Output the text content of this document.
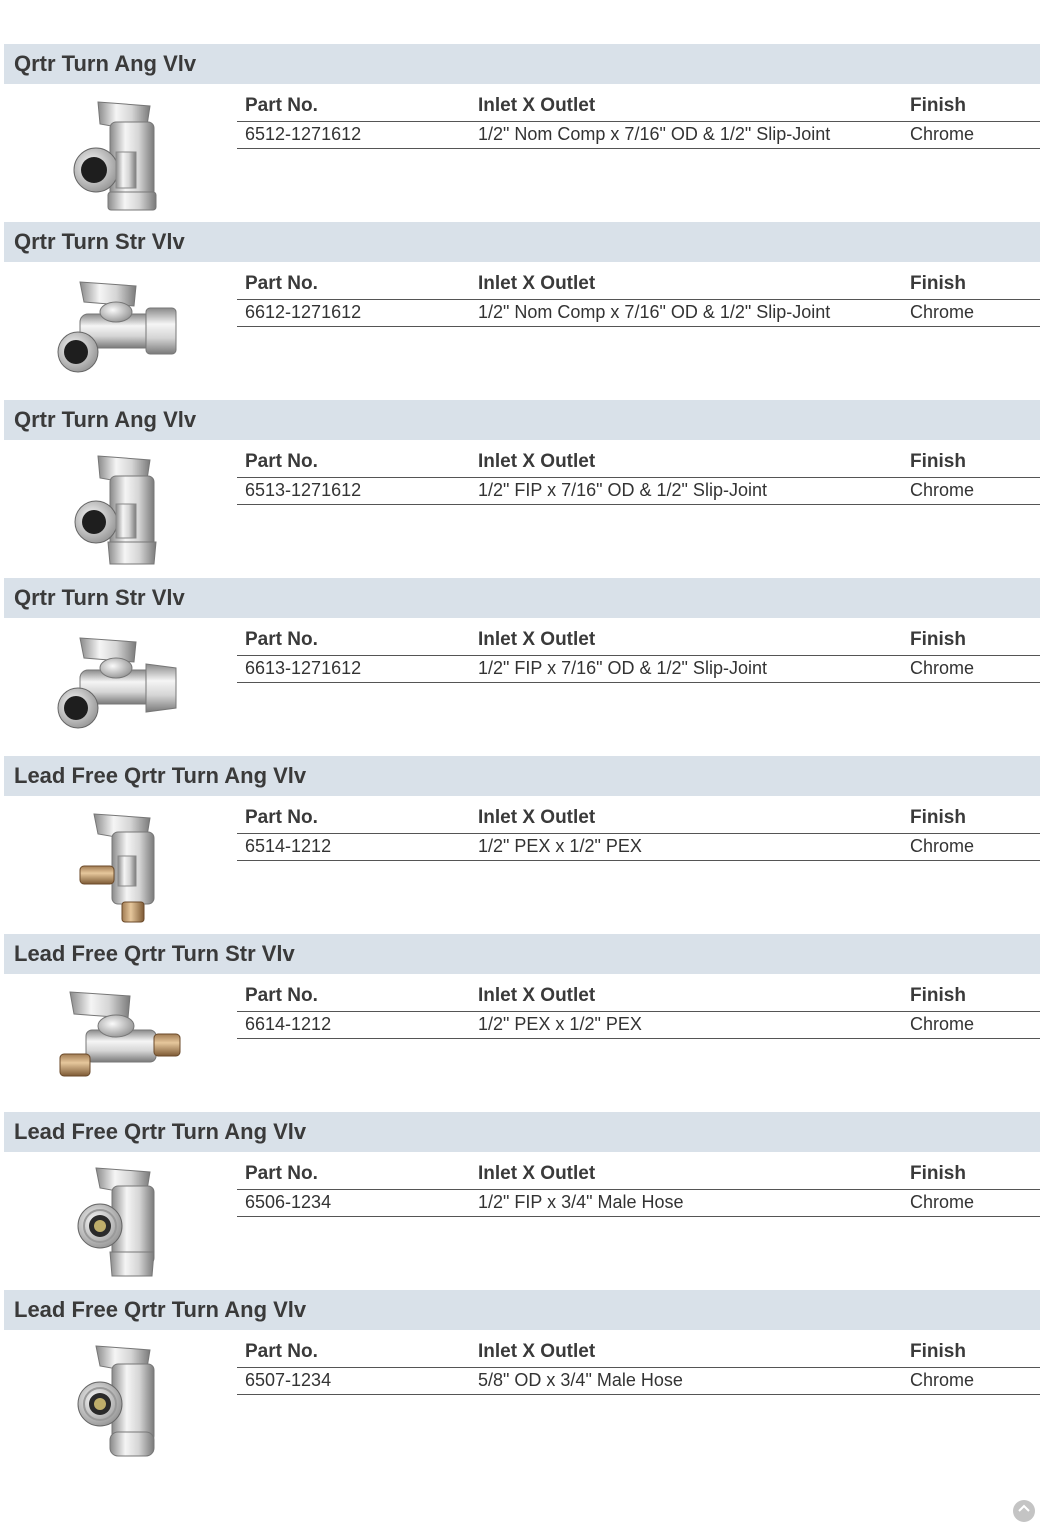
Qrtr Turn Ang Vlv
Part No.	Inlet X Outlet	Finish
6512-1271612	1/2" Nom Comp x 7/16" OD & 1/2" Slip-Joint	Chrome
Qrtr Turn Str Vlv
Part No.	Inlet X Outlet	Finish
6612-1271612	1/2" Nom Comp x 7/16" OD & 1/2" Slip-Joint	Chrome
Qrtr Turn Ang Vlv
Part No.	Inlet X Outlet	Finish
6513-1271612	1/2" FIP x 7/16" OD & 1/2" Slip-Joint	Chrome
Qrtr Turn Str Vlv
Part No.	Inlet X Outlet	Finish
6613-1271612	1/2" FIP x 7/16" OD & 1/2" Slip-Joint	Chrome
Lead Free Qrtr Turn Ang Vlv
Part No.	Inlet X Outlet	Finish
6514-1212	1/2" PEX x 1/2" PEX	Chrome
Lead Free Qrtr Turn Str Vlv
Part No.	Inlet X Outlet	Finish
6614-1212	1/2" PEX x 1/2" PEX	Chrome
Lead Free Qrtr Turn Ang Vlv
Part No.	Inlet X Outlet	Finish
6506-1234	1/2" FIP x 3/4" Male Hose	Chrome
Lead Free Qrtr Turn Ang Vlv
Part No.	Inlet X Outlet	Finish
6507-1234	5/8" OD x 3/4" Male Hose	Chrome
